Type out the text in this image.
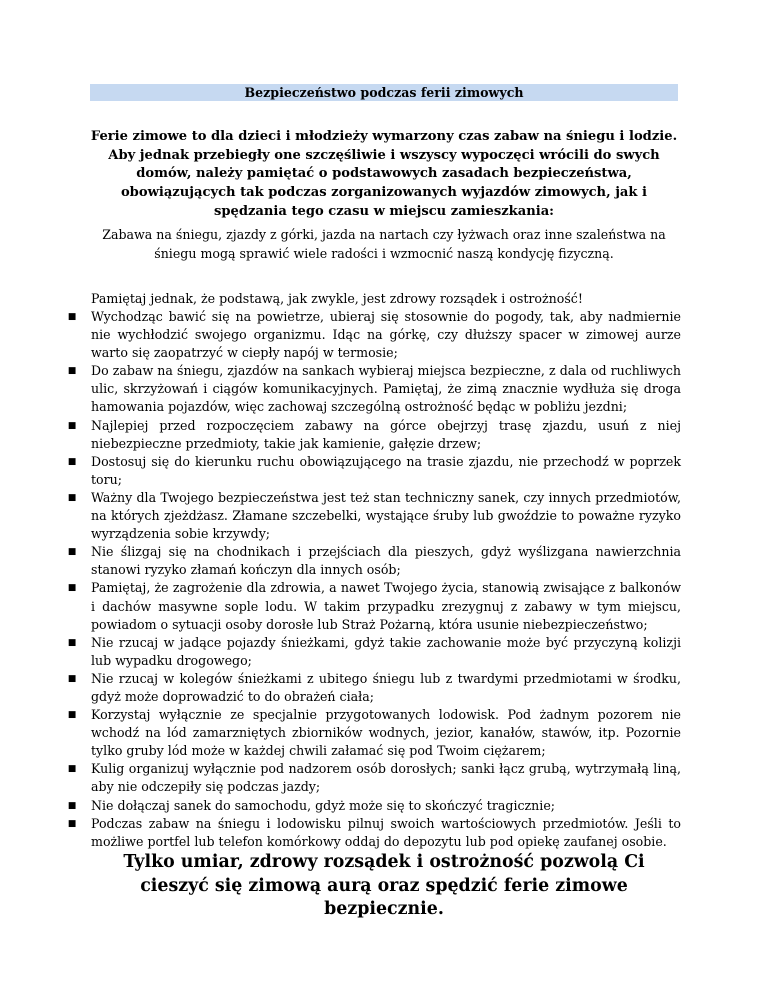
Bezpieczeństwo podczas ferii zimowych
Ferie zimowe to dla dzieci i młodzieży wymarzony czas zabaw na śniegu i lodzie. Aby jednak przebiegły one szczęśliwie i wszyscy wypoczęci wrócili do swych domów, należy pamiętać o podstawowych zasadach bezpieczeństwa, obowiązujących tak podczas zorganizowanych wyjazdów zimowych, jak i spędzania tego czasu w miejscu zamieszkania:
Zabawa na śniegu, zjazdy z górki, jazda na nartach czy łyżwach oraz inne szaleństwa na śniegu mogą sprawić wiele radości i wzmocnić naszą kondycję fizyczną.
Pamiętaj jednak, że podstawą, jak zwykle, jest zdrowy rozsądek i ostrożność!
■ Wychodząc bawić się na powietrze, ubieraj się stosownie do pogody, tak, aby nadmiernie nie wychłodzić swojego organizmu. Idąc na górkę, czy dłuższy spacer w zimowej aurze warto się zaopatrzyć w ciepły napój w termosie;
■ Do zabaw na śniegu, zjazdów na sankach wybieraj miejsca bezpieczne, z dala od ruchliwych ulic, skrzyżowań i ciągów komunikacyjnych. Pamiętaj, że zimą znacznie wydłuża się droga hamowania pojazdów, więc zachowaj szczególną ostrożność będąc w pobliżu jezdni;
■ Najlepiej przed rozpoczęciem zabawy na górce obejrzyj trasę zjazdu, usuń z niej niebezpieczne przedmioty, takie jak kamienie, gałęzie drzew;
■ Dostosuj się do kierunku ruchu obowiązującego na trasie zjazdu, nie przechodź w poprzek toru;
■ Ważny dla Twojego bezpieczeństwa jest też stan techniczny sanek, czy innych przedmiotów, na których zjeżdżasz. Złamane szczebelki, wystające śruby lub gwoździe to poważne ryzyko wyrządzenia sobie krzywdy;
■ Nie ślizgaj się na chodnikach i przejściach dla pieszych, gdyż wyślizgana nawierzchnia stanowi ryzyko złamań kończyn dla innych osób;
■ Pamiętaj, że zagrożenie dla zdrowia, a nawet Twojego życia, stanowią zwisające z balkonów i dachów masywne sople lodu. W takim przypadku zrezygnuj z zabawy w tym miejscu, powiadom o sytuacji osoby dorosłe lub Straż Pożarną, która usunie niebezpieczeństwo;
■ Nie rzucaj w jadące pojazdy śnieżkami, gdyż takie zachowanie może być przyczyną kolizji lub wypadku drogowego;
■ Nie rzucaj w kolegów śnieżkami z ubitego śniegu lub z twardymi przedmiotami w środku, gdyż może doprowadzić to do obrażeń ciała;
■ Korzystaj wyłącznie ze specjalnie przygotowanych lodowisk. Pod żadnym pozorem nie wchodź na lód zamarzniętych zbiorników wodnych, jezior, kanałów, stawów, itp. Pozornie tylko gruby lód może w każdej chwili załamać się pod Twoim ciężarem;
■ Kulig organizuj wyłącznie pod nadzorem osób dorosłych; sanki łącz grubą, wytrzymałą liną, aby nie odczepiły się podczas jazdy;
■ Nie dołączaj sanek do samochodu, gdyż może się to skończyć tragicznie;
■ Podczas zabaw na śniegu i lodowisku pilnuj swoich wartościowych przedmiotów. Jeśli to możliwe portfel lub telefon komórkowy oddaj do depozytu lub pod opiekę zaufanej osobie.
Tylko umiar, zdrowy rozsądek i ostrożność pozwolą Ci cieszyć się zimową aurą oraz spędzić ferie zimowe bezpiecznie.
